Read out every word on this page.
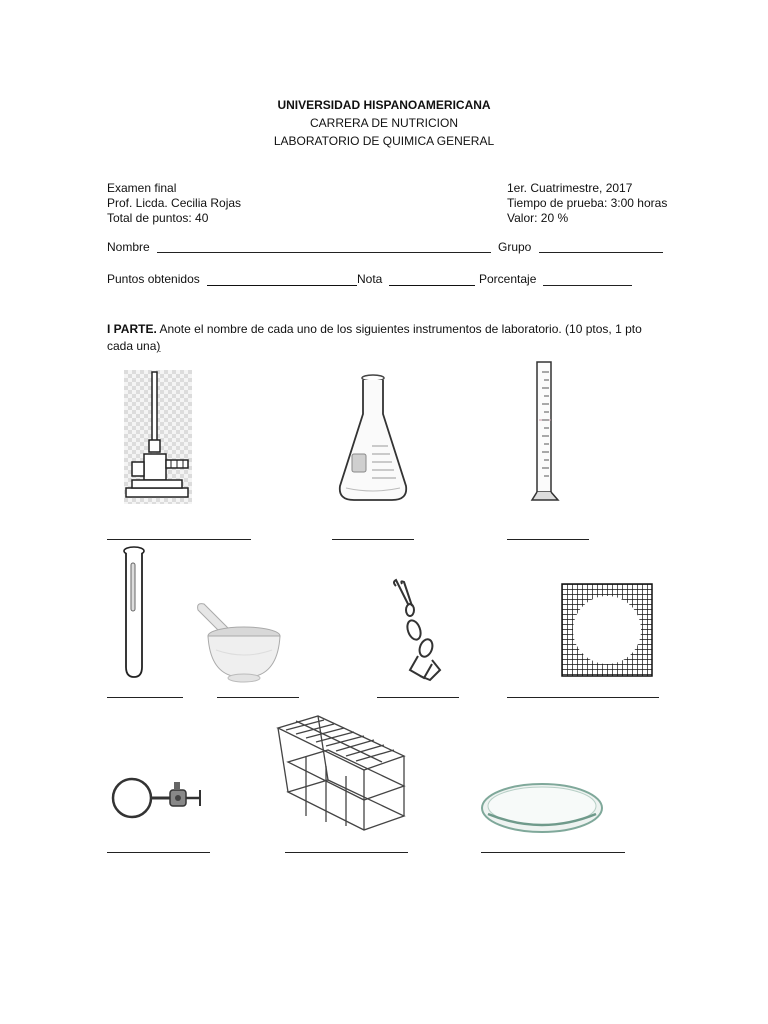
UNIVERSIDAD HISPANOAMERICANA
CARRERA DE NUTRICION
LABORATORIO DE QUIMICA GENERAL
Examen final
Prof. Licda. Cecilia Rojas
Total de puntos: 40
1er. Cuatrimestre, 2017
Tiempo de prueba: 3:00 horas
Valor: 20 %
Nombre	Grupo
Puntos obtenidos	Nota	Porcentaje
I PARTE. Anote el nombre de cada uno de los siguientes instrumentos de laboratorio. (10 ptos, 1 pto
cada una)
